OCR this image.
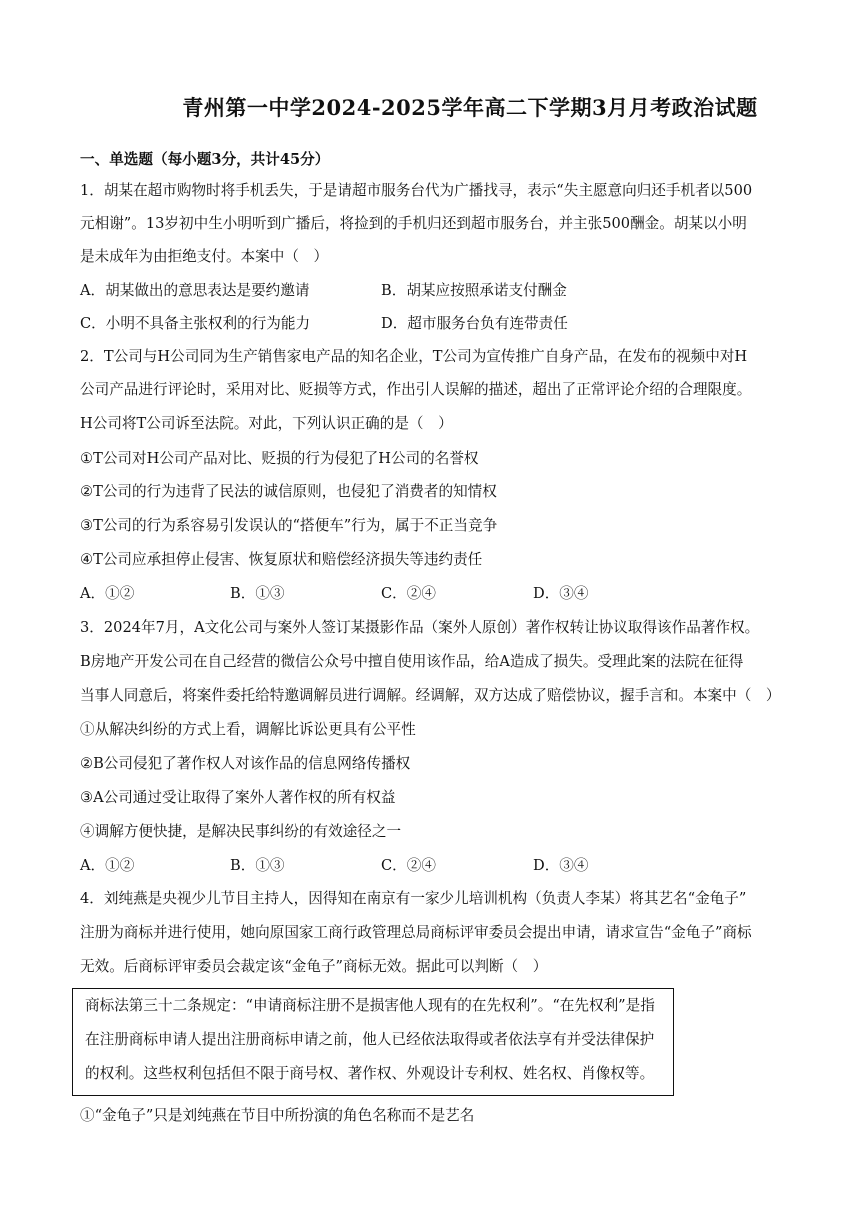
青州第一中学2024-2025学年高二下学期3月月考政治试题
一、单选题（每小题3分，共计45分）
1．胡某在超市购物时将手机丢失，于是请超市服务台代为广播找寻，表示“失主愿意向归还手机者以500
元相谢”。13岁初中生小明听到广播后，将捡到的手机归还到超市服务台，并主张500酬金。胡某以小明
是未成年为由拒绝支付。本案中（　）
A．胡某做出的意思表达是要约邀请	B．胡某应按照承诺支付酬金
C．小明不具备主张权利的行为能力	D．超市服务台负有连带责任
2．T公司与H公司同为生产销售家电产品的知名企业，T公司为宣传推广自身产品，在发布的视频中对H
公司产品进行评论时，采用对比、贬损等方式，作出引人误解的描述，超出了正常评论介绍的合理限度。
H公司将T公司诉至法院。对此，下列认识正确的是（　）
①T公司对H公司产品对比、贬损的行为侵犯了H公司的名誉权
②T公司的行为违背了民法的诚信原则，也侵犯了消费者的知情权
③T公司的行为系容易引发误认的“搭便车”行为，属于不正当竞争
④T公司应承担停止侵害、恢复原状和赔偿经济损失等违约责任
A．①②	B．①③	C．②④	D．③④
3．2024年7月，A文化公司与案外人签订某摄影作品（案外人原创）著作权转让协议取得该作品著作权。
B房地产开发公司在自己经营的微信公众号中擅自使用该作品，给A造成了损失。受理此案的法院在征得
当事人同意后，将案件委托给特邀调解员进行调解。经调解，双方达成了赔偿协议，握手言和。本案中（　）
①从解决纠纷的方式上看，调解比诉讼更具有公平性
②B公司侵犯了著作权人对该作品的信息网络传播权
③A公司通过受让取得了案外人著作权的所有权益
④调解方便快捷，是解决民事纠纷的有效途径之一
A．①②	B．①③	C．②④	D．③④
4．刘纯燕是央视少儿节目主持人，因得知在南京有一家少儿培训机构（负责人李某）将其艺名“金龟子”
注册为商标并进行使用，她向原国家工商行政管理总局商标评审委员会提出申请，请求宣告“金龟子”商标
无效。后商标评审委员会裁定该“金龟子”商标无效。据此可以判断（　）
商标法第三十二条规定：“申请商标注册不是损害他人现有的在先权利”。“在先权利”是指
在注册商标申请人提出注册商标申请之前，他人已经依法取得或者依法享有并受法律保护
的权利。这些权利包括但不限于商号权、著作权、外观设计专利权、姓名权、肖像权等。
①“金龟子”只是刘纯燕在节目中所扮演的角色名称而不是艺名
